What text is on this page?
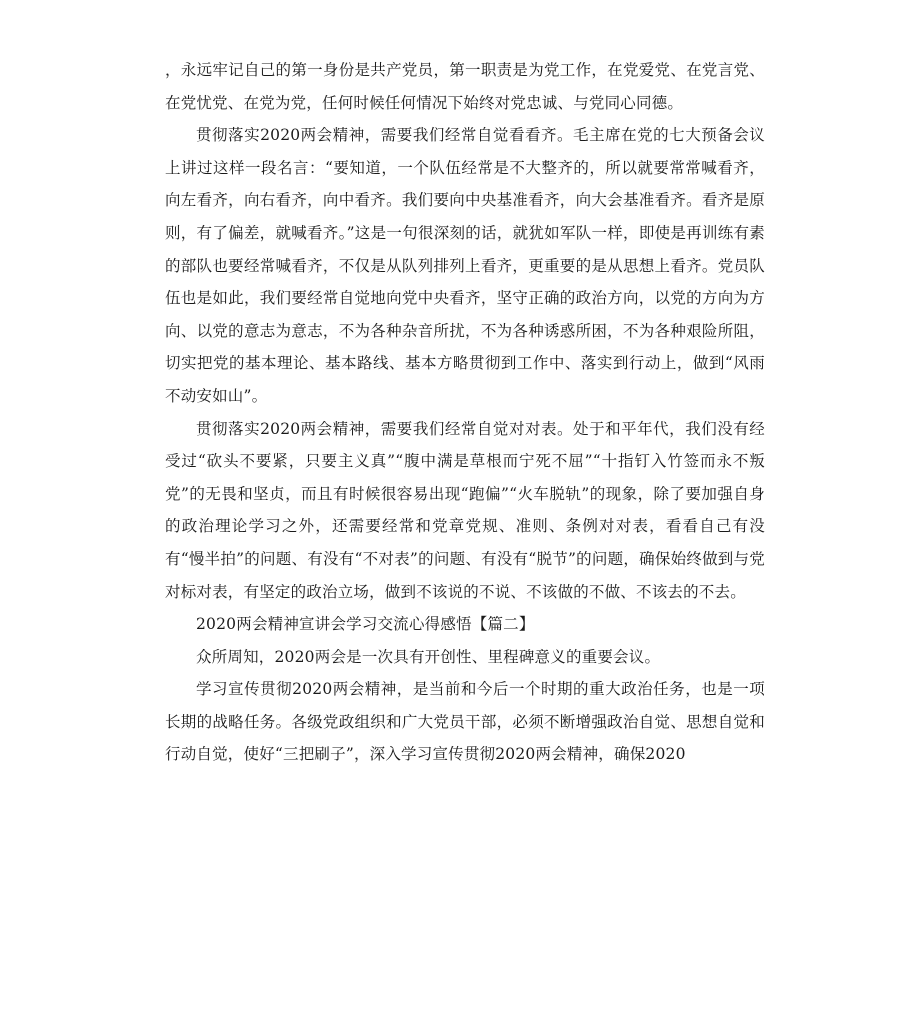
，永远牢记自己的第一身份是共产党员，第一职责是为党工作，在党爱党、在党言党、在党忧党、在党为党，任何时候任何情况下始终对党忠诚、与党同心同德。

贯彻落实2020两会精神，需要我们经常自觉看看齐。毛主席在党的七大预备会议上讲过这样一段名言：“要知道，一个队伍经常是不大整齐的，所以就要常常喊看齐，向左看齐，向右看齐，向中看齐。我们要向中央基准看齐，向大会基准看齐。看齐是原则，有了偏差，就喊看齐。”这是一句很深刻的话，就犹如军队一样，即使是再训练有素的部队也要经常喊看齐，不仅是从队列排列上看齐，更重要的是从思想上看齐。党员队伍也是如此，我们要经常自觉地向党中央看齐，坚守正确的政治方向，以党的方向为方向、以党的意志为意志，不为各种杂音所扰，不为各种诱惑所困，不为各种艰险所阻，切实把党的基本理论、基本路线、基本方略贯彻到工作中、落实到行动上，做到“风雨不动安如山”。

贯彻落实2020两会精神，需要我们经常自觉对对表。处于和平年代，我们没有经受过“砍头不要紧，只要主义真”“腹中满是草根而宁死不屈”“十指钉入竹签而永不叛党”的无畏和坚贞，而且有时候很容易出现“跑偏”“火车脱轨”的现象，除了要加强自身的政治理论学习之外，还需要经常和党章党规、准则、条例对对表，看看自己有没有“慢半拍”的问题、有没有“不对表”的问题、有没有“脱节”的问题，确保始终做到与党对标对表，有坚定的政治立场，做到不该说的不说、不该做的不做、不该去的不去。

2020两会精神宣讲会学习交流心得感悟【篇二】

众所周知，2020两会是一次具有开创性、里程碑意义的重要会议。

学习宣传贯彻2020两会精神，是当前和今后一个时期的重大政治任务，也是一项长期的战略任务。各级党政组织和广大党员干部，必须不断增强政治自觉、思想自觉和行动自觉，使好“三把刷子”，深入学习宣传贯彻2020两会精神，确保2020
